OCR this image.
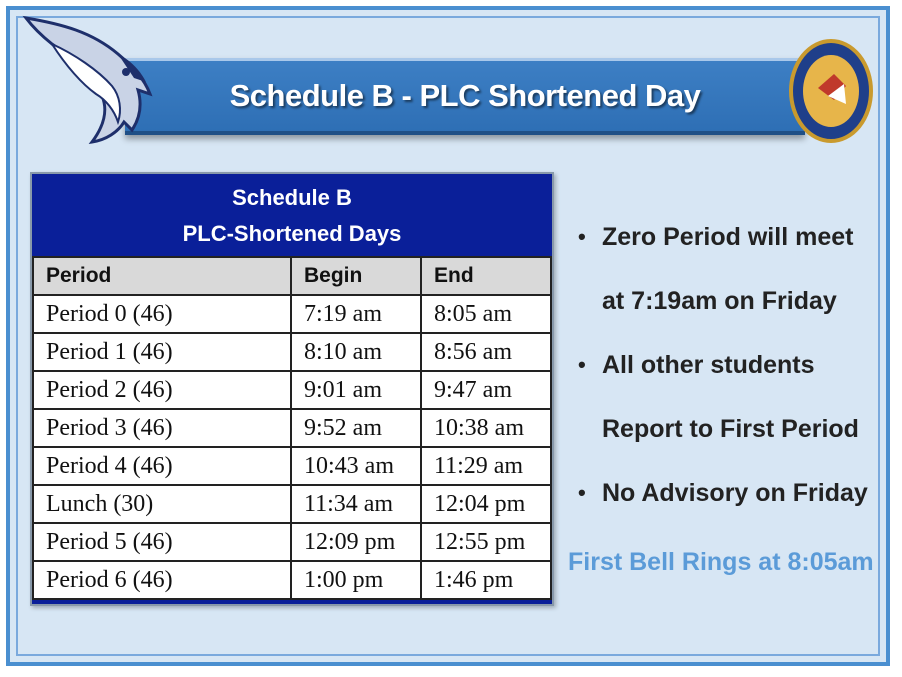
Schedule B - PLC Shortened Day
Schedule B
PLC-Shortened Days
Period	Begin	End
Period 0 (46)	7:19 am	8:05 am
Period 1 (46)	8:10 am	8:56 am
Period 2 (46)	9:01 am	9:47 am
Period 3 (46)	9:52 am	10:38 am
Period 4 (46)	10:43 am	11:29 am
Lunch (30)	11:34 am	12:04 pm
Period 5 (46)	12:09 pm	12:55 pm
Period 6 (46)	1:00 pm	1:46 pm
• Zero Period will meet
at 7:19am on Friday
• All other students
Report to First Period
• No Advisory on Friday
First Bell Rings at 8:05am
